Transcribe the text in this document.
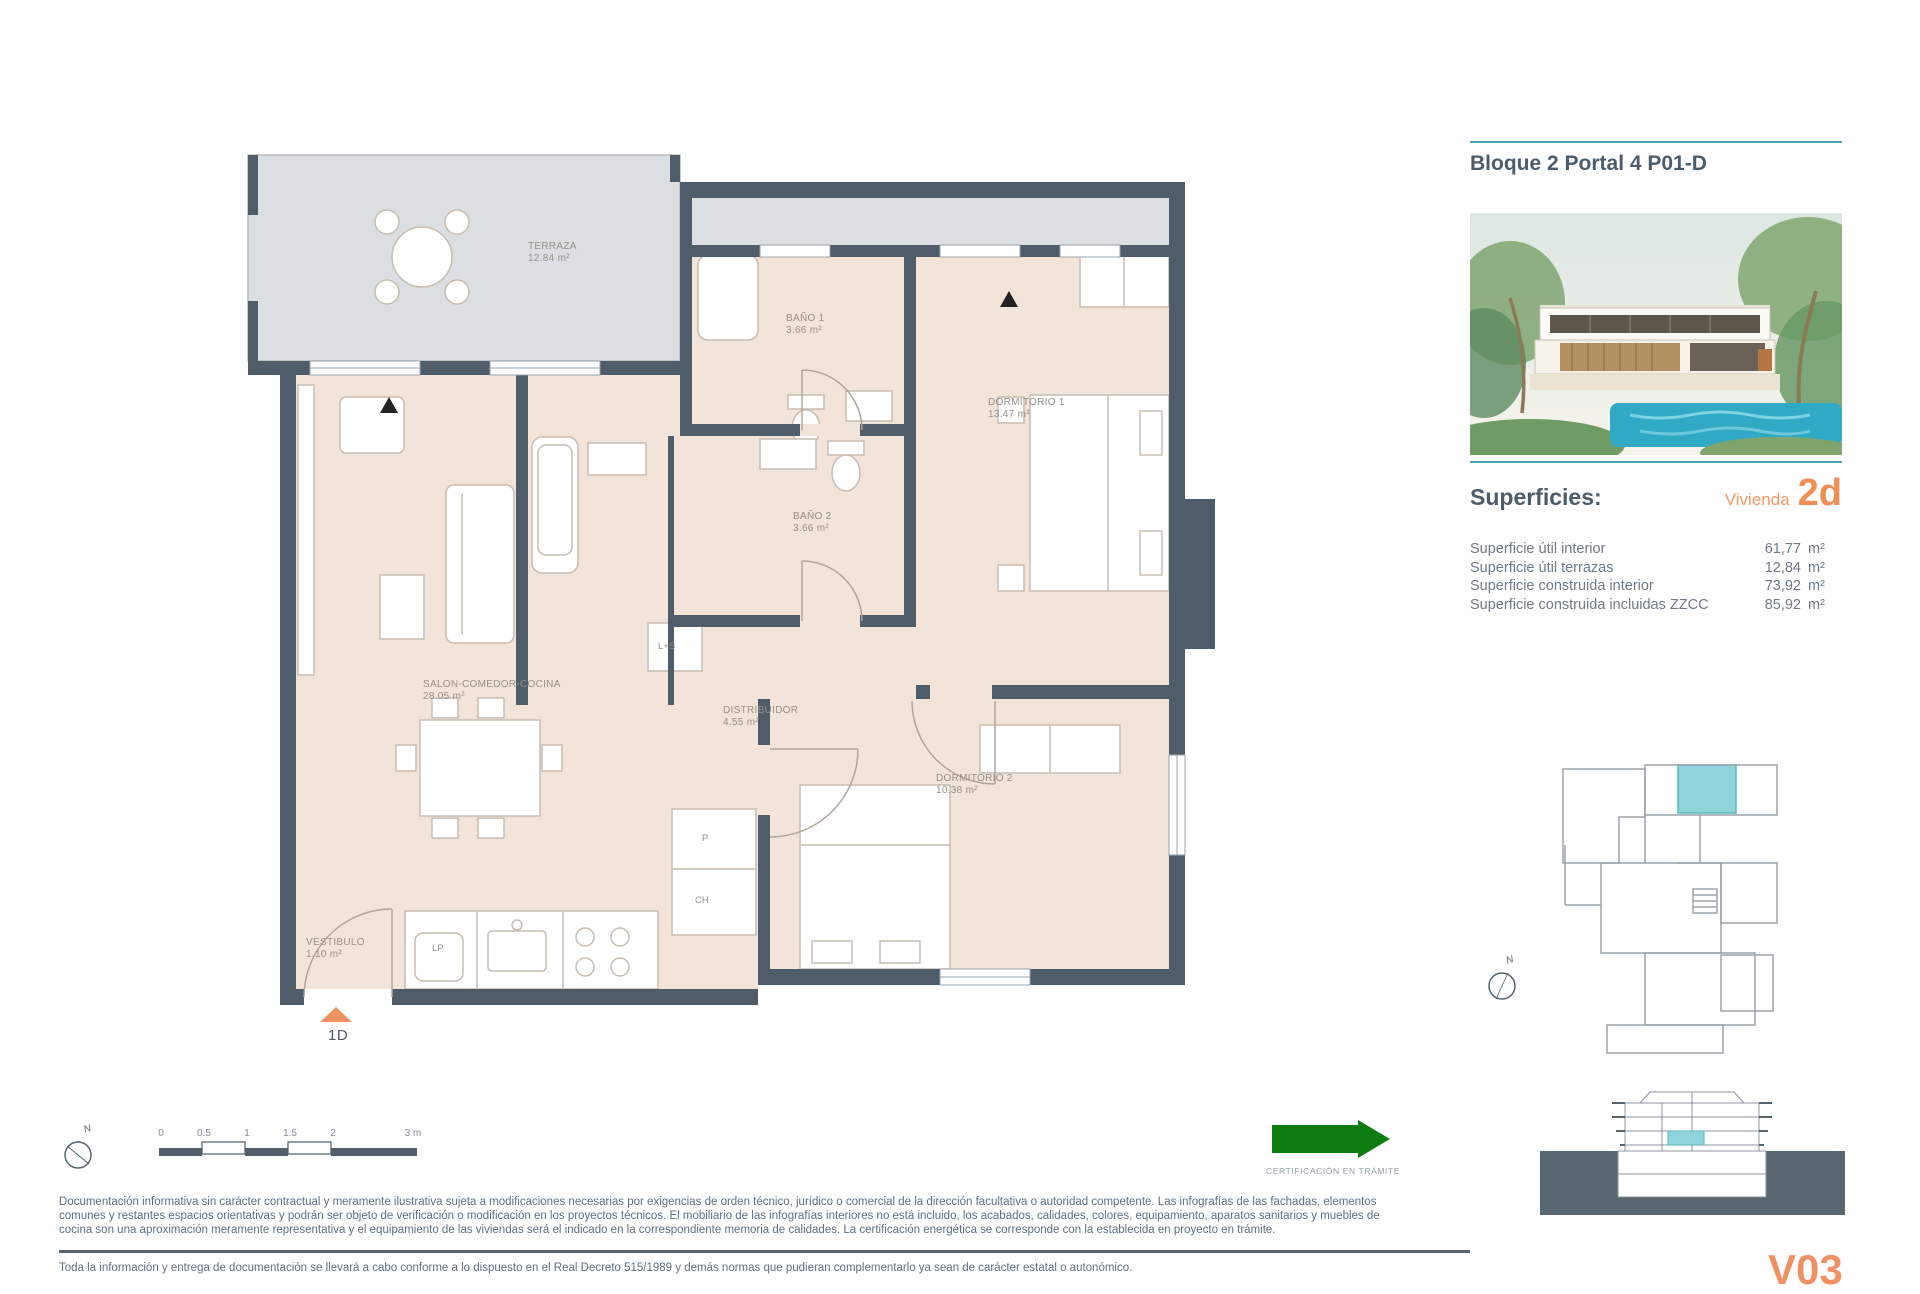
TERRAZA
12.84 m²
BAÑO 1
3.66 m²
DORMITORIO 1
13.47 m²
BAÑO 2
3.66 m²
SALON-COMEDOR-COCINA
28.05 m²
DISTRIBUIDOR
4.55 m²
DORMITORIO 2
10.38 m²
VESTIBULO
1.10 m²	LP
L+S
P
CH
1D
Bloque 2 Portal 4 P01-D
Superficies:	Vivienda 2d
Superficie útil interior	61,77 m²
Superficie útil terrazas	12,84 m²
Superficie construida interior	73,92 m²
Superficie construida incluidas ZZCC	85,92 m²
N
N	0	0.5	1	1.5	2	3 m
CERTIFICACIÓN EN TRÁMITE
Documentación informativa sin carácter contractual y meramente ilustrativa sujeta a modificaciones necesarias por exigencias de orden técnico, jurídico o comercial de la dirección facultativa o autoridad competente. Las infografías de las fachadas, elementos comunes y restantes espacios orientativas y podrán ser objeto de verificación o modificación en los proyectos técnicos. El mobiliario de las infografías interiores no está incluido, los acabados, calidades, colores, equipamiento, aparatos sanitarios y muebles de cocina son una aproximación meramente representativa y el equipamiento de las viviendas será el indicado en la correspondiente memoria de calidades. La certificación energética se corresponde con la establecida en proyecto en trámite.
Toda la información y entrega de documentación se llevará a cabo conforme a lo dispuesto en el Real Decreto 515/1989 y demás normas que pudieran complementarlo ya sean de carácter estatal o autonómico.	V03
